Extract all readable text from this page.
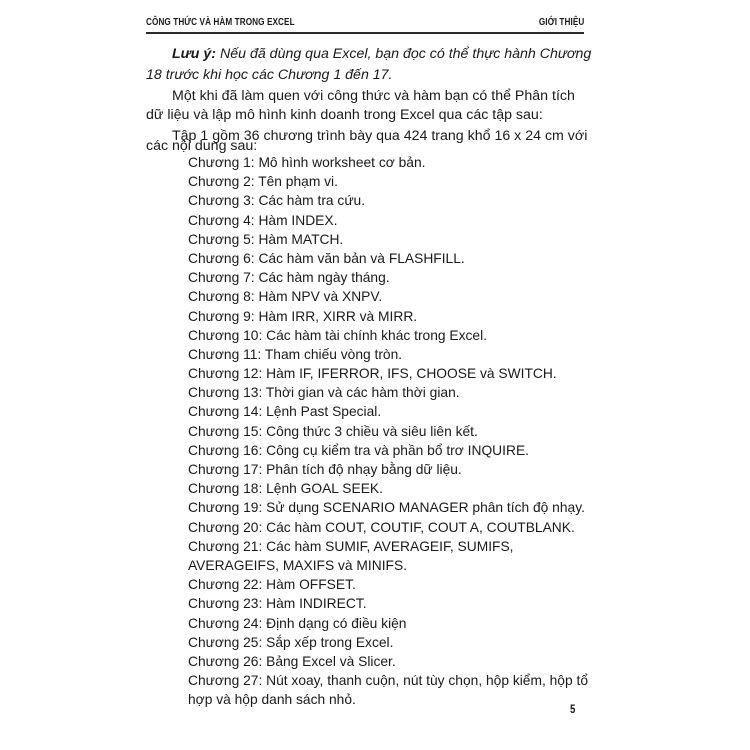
CÔNG THỨC VÀ HÀM TRONG EXCEL	GIỚI THIỆU
Lưu ý: Nếu đã dùng qua Excel, bạn đọc có thể thực hành Chương
18 trước khi học các Chương 1 đến 17.
Một khi đã làm quen với công thức và hàm bạn có thể Phân tích
dữ liệu và lập mô hình kinh doanh trong Excel qua các tập sau:
Tập 1 gồm 36 chương trình bày qua 424 trang khổ 16 x 24 cm với
Chương 1: Mô hình worksheet cơ bản.
Chương 2: Tên phạm vi.
Chương 3: Các hàm tra cứu.
Chương 4: Hàm INDEX.
Chương 5: Hàm MATCH.
Chương 6: Các hàm văn bản và FLASHFILL.
Chương 7: Các hàm ngày tháng.
Chương 8: Hàm NPV và XNPV.
Chương 9: Hàm IRR, XIRR và MIRR.
Chương 10: Các hàm tài chính khác trong Excel.
Chương 11: Tham chiếu vòng tròn.
Chương 12: Hàm IF, IFERROR, IFS, CHOOSE và SWITCH.
Chương 13: Thời gian và các hàm thời gian.
Chương 14: Lệnh Past Special.
Chương 15: Công thức 3 chiều và siêu liên kết.
Chương 16: Công cụ kiểm tra và phần bổ trơ INQUIRE.
Chương 17: Phân tích độ nhạy bằng dữ liệu.
Chương 18: Lệnh GOAL SEEK.
Chương 19: Sử dụng SCENARIO MANAGER phân tích độ nhạy.
Chương 20: Các hàm COUT, COUTIF, COUT A, COUTBLANK.
Chương 21: Các hàm SUMIF, AVERAGEIF, SUMIFS, AVERAGEIFS, MAXIFS và MINIFS.
Chương 22: Hàm OFFSET.
Chương 23: Hàm INDIRECT.
Chương 24: Định dạng có điều kiện
Chương 25: Sắp xếp trong Excel.
Chương 26: Bảng Excel và Slicer.
Chương 27: Nút xoay, thanh cuộn, nút tùy chọn, hộp kiểm, hộp tổ hợp và hộp danh sách nhỏ.
5
các nội dung sau:
